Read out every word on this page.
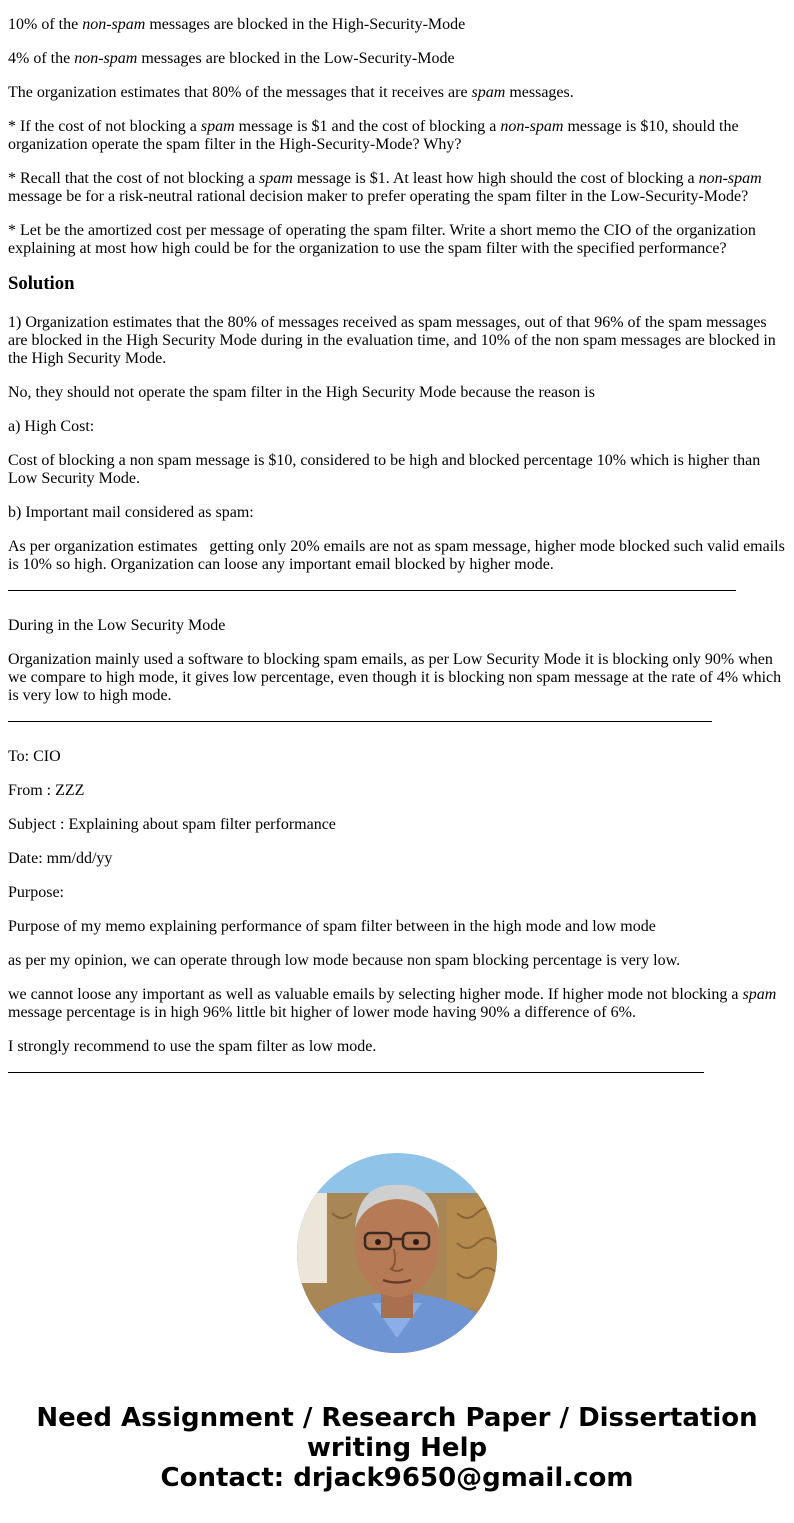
10% of the non-spam messages are blocked in the High-Security-Mode

4% of the non-spam messages are blocked in the Low-Security-Mode

The organization estimates that 80% of the messages that it receives are spam messages.

* If the cost of not blocking a spam message is $1 and the cost of blocking a non-spam message is $10, should the organization operate the spam filter in the High-Security-Mode? Why?

* Recall that the cost of not blocking a spam message is $1. At least how high should the cost of blocking a non-spam message be for a risk-neutral rational decision maker to prefer operating the spam filter in the Low-Security-Mode?

* Let be the amortized cost per message of operating the spam filter. Write a short memo the CIO of the organization explaining at most how high could be for the organization to use the spam filter with the specified performance?

Solution

1) Organization estimates that the 80% of messages received as spam messages, out of that 96% of the spam messages are blocked in the High Security Mode during in the evaluation time, and 10% of the non spam messages are blocked in the High Security Mode.

No, they should not operate the spam filter in the High Security Mode because the reason is

a) High Cost:

Cost of blocking a non spam message is $10, considered to be high and blocked percentage 10% which is higher than Low Security Mode.

b) Important mail considered as spam:

As per organization estimates   getting only 20% emails are not as spam message, higher mode blocked such valid emails is 10% so high. Organization can loose any important email blocked by higher mode.

During in the Low Security Mode

Organization mainly used a software to blocking spam emails, as per Low Security Mode it is blocking only 90% when we compare to high mode, it gives low percentage, even though it is blocking non spam message at the rate of 4% which is very low to high mode.

To: CIO

From : ZZZ

Subject : Explaining about spam filter performance

Date: mm/dd/yy

Purpose:

Purpose of my memo explaining performance of spam filter between in the high mode and low mode

as per my opinion, we can operate through low mode because non spam blocking percentage is very low.

we cannot loose any important as well as valuable emails by selecting higher mode. If higher mode not blocking a spam message percentage is in high 96% little bit higher of lower mode having 90% a difference of 6%.

I strongly recommend to use the spam filter as low mode.

Need Assignment / Research Paper / Dissertation
writing Help
Contact: drjack9650@gmail.com
